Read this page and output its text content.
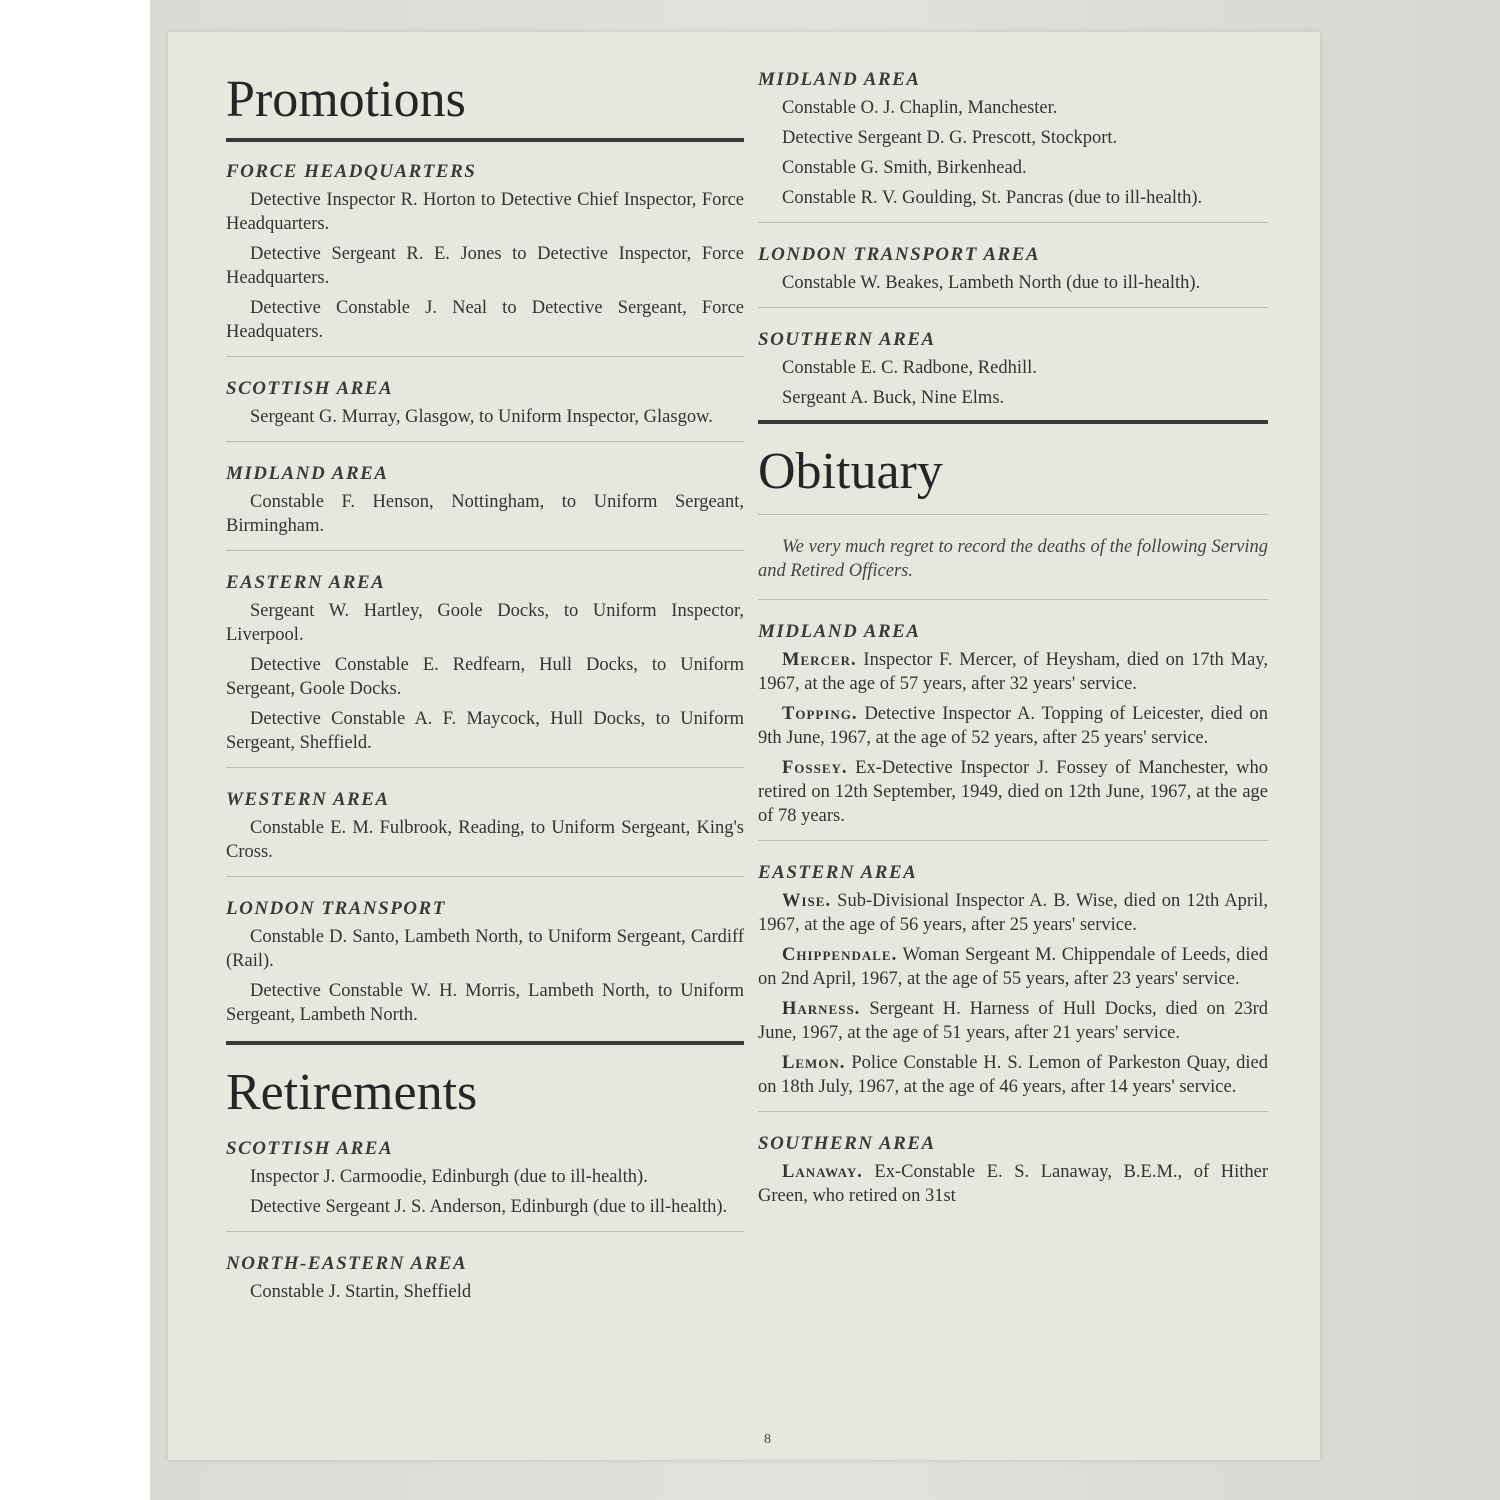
Promotions
FORCE HEADQUARTERS

Detective Inspector R. Horton to Detective Chief Inspector, Force Headquarters.

Detective Sergeant R. E. Jones to Detective Inspector, Force Headquarters.

Detective Constable J. Neal to Detective Sergeant, Force Headquaters.

SCOTTISH AREA

Sergeant G. Murray, Glasgow, to Uniform Inspector, Glasgow.

MIDLAND AREA

Constable F. Henson, Nottingham, to Uniform Sergeant, Birmingham.

EASTERN AREA

Sergeant W. Hartley, Goole Docks, to Uniform Inspector, Liverpool.

Detective Constable E. Redfearn, Hull Docks, to Uniform Sergeant, Goole Docks.

Detective Constable A. F. Maycock, Hull Docks, to Uniform Sergeant, Sheffield.

WESTERN AREA

Constable E. M. Fulbrook, Reading, to Uniform Sergeant, King's Cross.

LONDON TRANSPORT

Constable D. Santo, Lambeth North, to Uniform Sergeant, Cardiff (Rail).

Detective Constable W. H. Morris, Lambeth North, to Uniform Sergeant, Lambeth North.

Retirements
SCOTTISH AREA

Inspector J. Carmoodie, Edinburgh (due to ill-health).

Detective Sergeant J. S. Anderson, Edinburgh (due to ill-health).

NORTH-EASTERN AREA

Constable J. Startin, Sheffield

MIDLAND AREA

Constable O. J. Chaplin, Manchester.

Detective Sergeant D. G. Prescott, Stockport.

Constable G. Smith, Birkenhead.

Constable R. V. Goulding, St. Pancras (due to ill-health).

LONDON TRANSPORT AREA

Constable W. Beakes, Lambeth North (due to ill-health).

SOUTHERN AREA

Constable E. C. Radbone, Redhill.

Sergeant A. Buck, Nine Elms.

Obituary

We very much regret to record the deaths of the following Serving and Retired Officers.

MIDLAND AREA

Mercer. Inspector F. Mercer, of Heysham, died on 17th May, 1967, at the age of 57 years, after 32 years' service.

Topping. Detective Inspector A. Topping of Leicester, died on 9th June, 1967, at the age of 52 years, after 25 years' service.

Fossey. Ex-Detective Inspector J. Fossey of Manchester, who retired on 12th September, 1949, died on 12th June, 1967, at the age of 78 years.

EASTERN AREA

Wise. Sub-Divisional Inspector A. B. Wise, died on 12th April, 1967, at the age of 56 years, after 25 years' service.

Chippendale. Woman Sergeant M. Chippendale of Leeds, died on 2nd April, 1967, at the age of 55 years, after 23 years' service.

Harness. Sergeant H. Harness of Hull Docks, died on 23rd June, 1967, at the age of 51 years, after 21 years' service.

Lemon. Police Constable H. S. Lemon of Parkeston Quay, died on 18th July, 1967, at the age of 46 years, after 14 years' service.

SOUTHERN AREA

Lanaway. Ex-Constable E. S. Lanaway, B.E.M., of Hither Green, who retired on 31st

8
